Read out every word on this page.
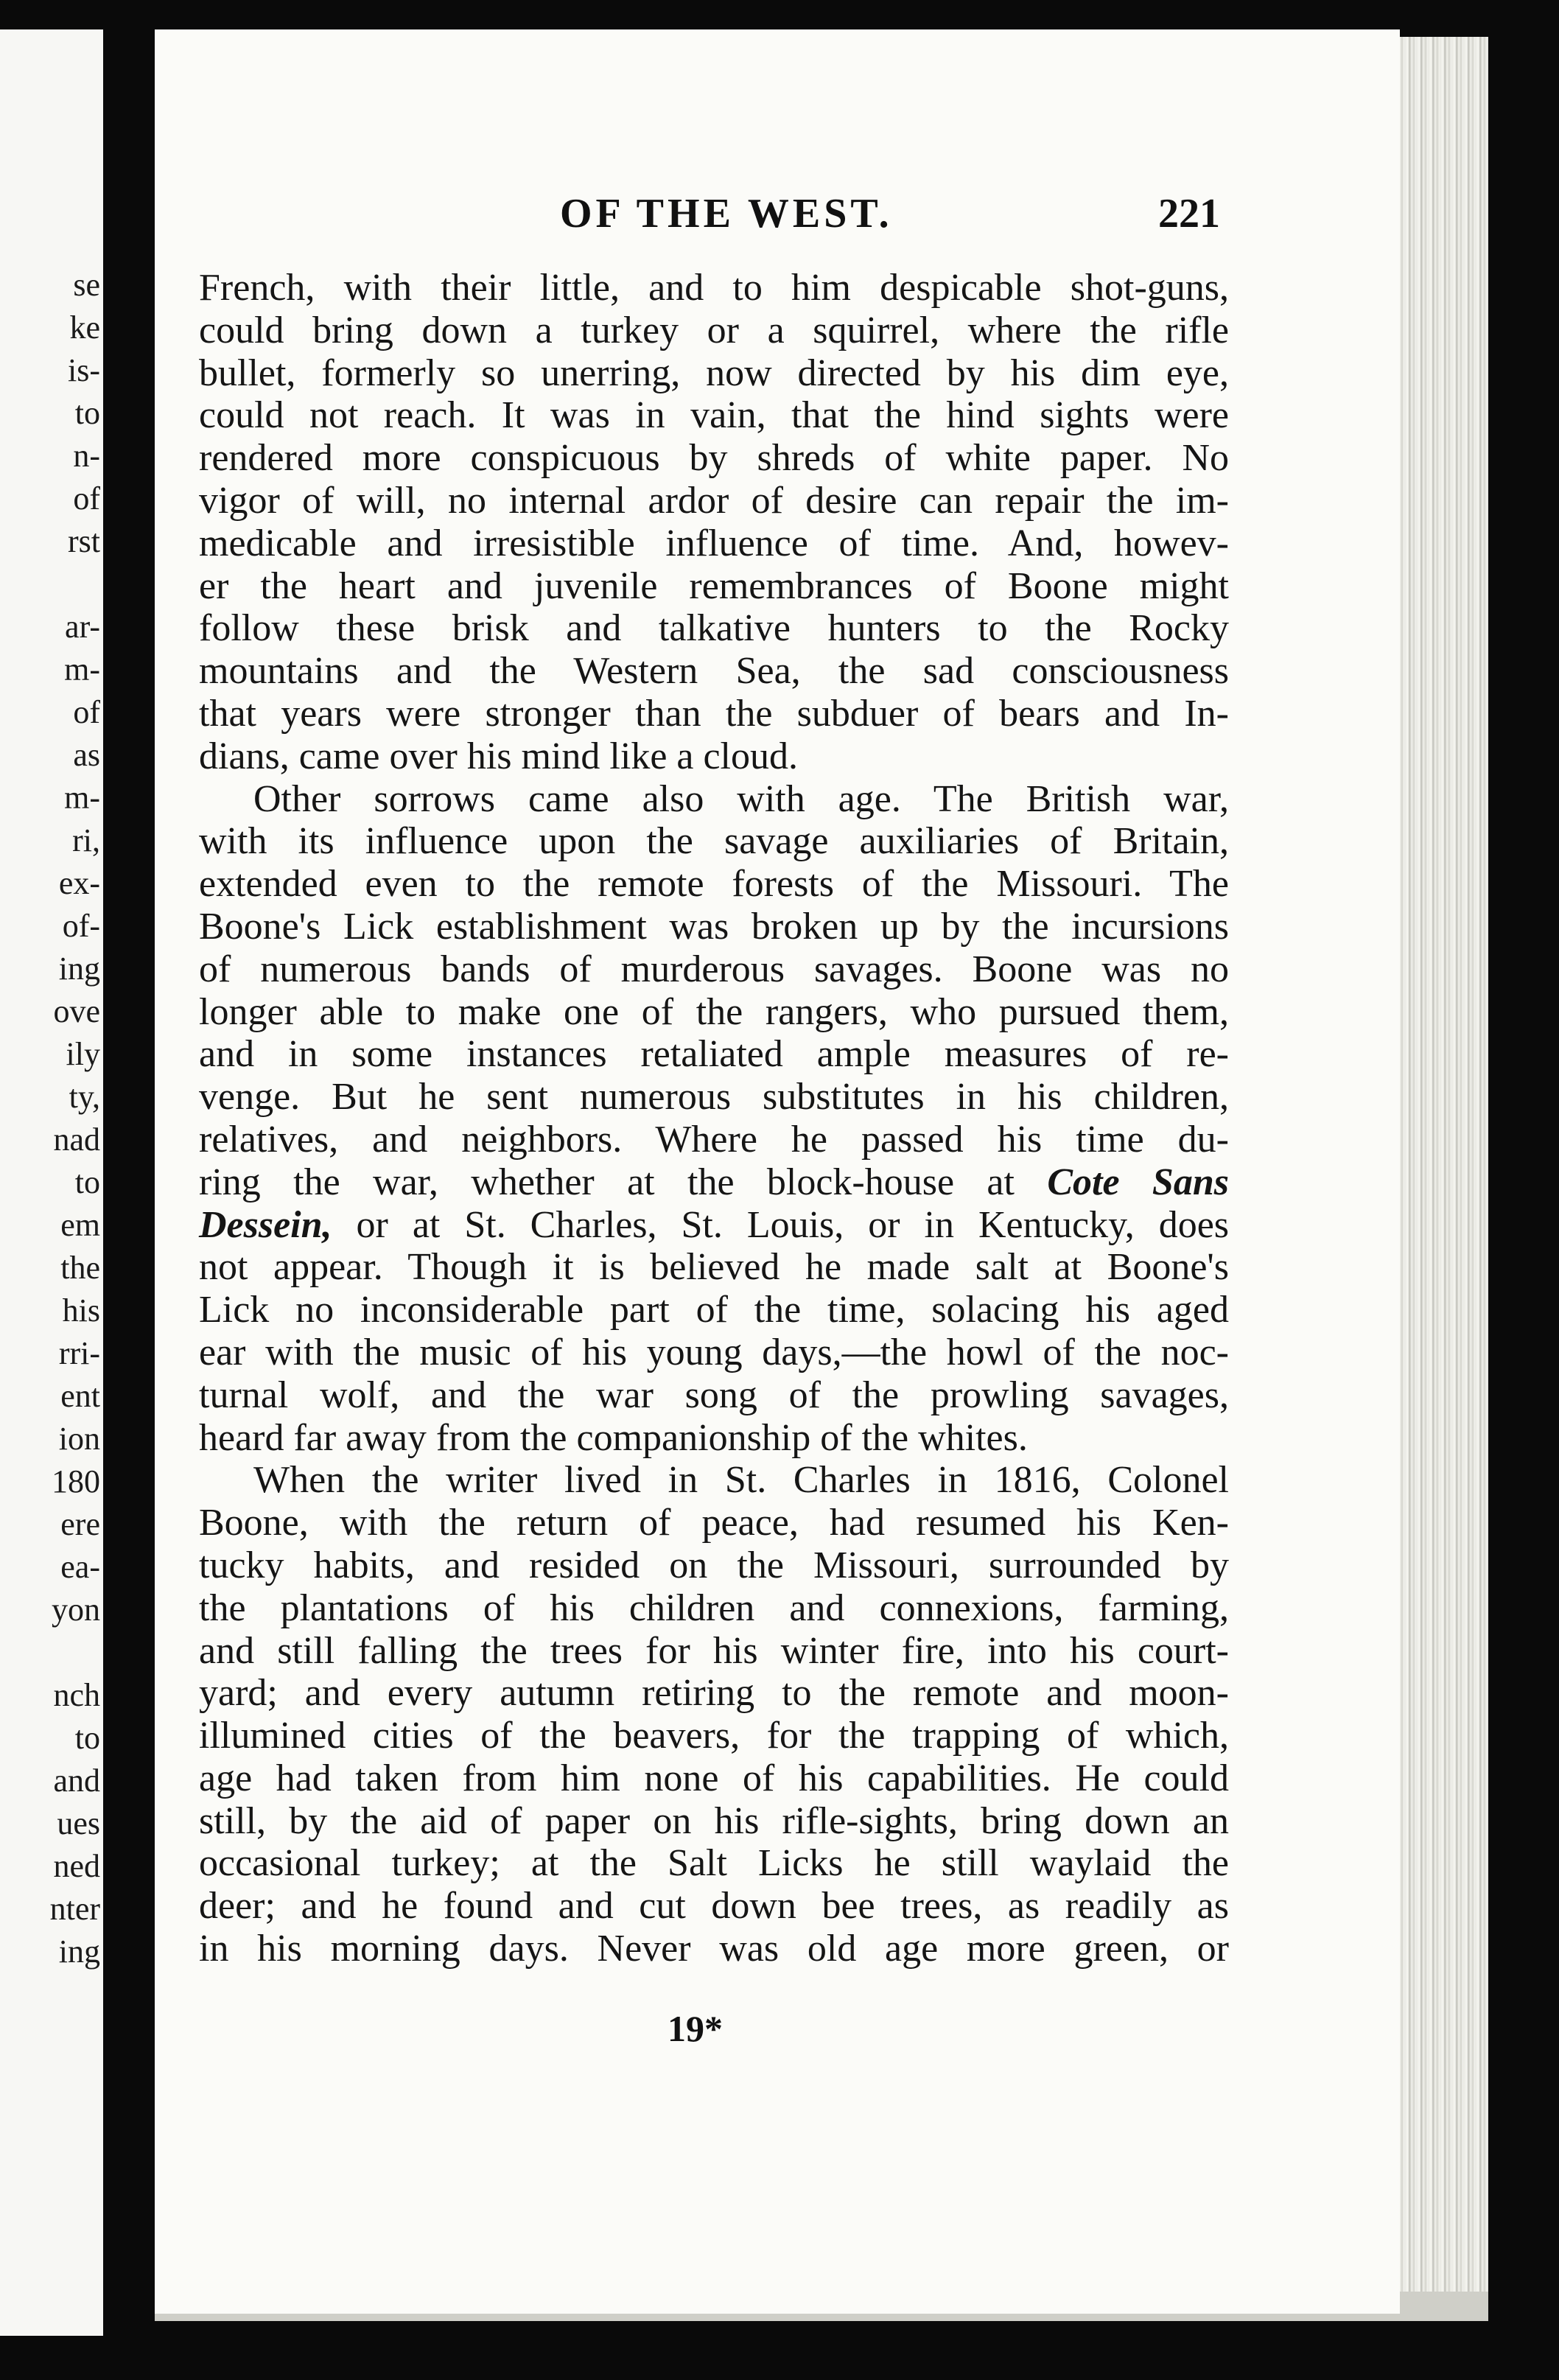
se
ke
is-
to
n-
of
rst
ar-
m-
of
as
m-
ri,
ex-
of-
ing
ove
ily
ty,
nad
to
em
the
his
rri-
ent
ion
180
ere
ea-
yon
nch
to
and
ues
ned
nter
ing
OF THE WEST.	221
French, with their little, and to him despicable shot-guns,
could bring down a turkey or a squirrel, where the rifle
bullet, formerly so unerring, now directed by his dim eye,
could not reach. It was in vain, that the hind sights were
rendered more conspicuous by shreds of white paper. No
vigor of will, no internal ardor of desire can repair the im-
medicable and irresistible influence of time. And, howev-
er the heart and juvenile remembrances of Boone might
follow these brisk and talkative hunters to the Rocky
mountains and the Western Sea, the sad consciousness
that years were stronger than the subduer of bears and In-
dians, came over his mind like a cloud.
Other sorrows came also with age. The British war,
with its influence upon the savage auxiliaries of Britain,
extended even to the remote forests of the Missouri. The
Boone's Lick establishment was broken up by the incursions
of numerous bands of murderous savages. Boone was no
longer able to make one of the rangers, who pursued them,
and in some instances retaliated ample measures of re-
venge. But he sent numerous substitutes in his children,
relatives, and neighbors. Where he passed his time du-
ring the war, whether at the block-house at Cote Sans
Dessein, or at St. Charles, St. Louis, or in Kentucky, does
not appear. Though it is believed he made salt at Boone's
Lick no inconsiderable part of the time, solacing his aged
ear with the music of his young days,—the howl of the noc-
turnal wolf, and the war song of the prowling savages,
heard far away from the companionship of the whites.
When the writer lived in St. Charles in 1816, Colonel
Boone, with the return of peace, had resumed his Ken-
tucky habits, and resided on the Missouri, surrounded by
the plantations of his children and connexions, farming,
and still falling the trees for his winter fire, into his court-
yard; and every autumn retiring to the remote and moon-
illumined cities of the beavers, for the trapping of which,
age had taken from him none of his capabilities. He could
still, by the aid of paper on his rifle-sights, bring down an
occasional turkey; at the Salt Licks he still waylaid the
deer; and he found and cut down bee trees, as readily as
in his morning days. Never was old age more green, or
19*
